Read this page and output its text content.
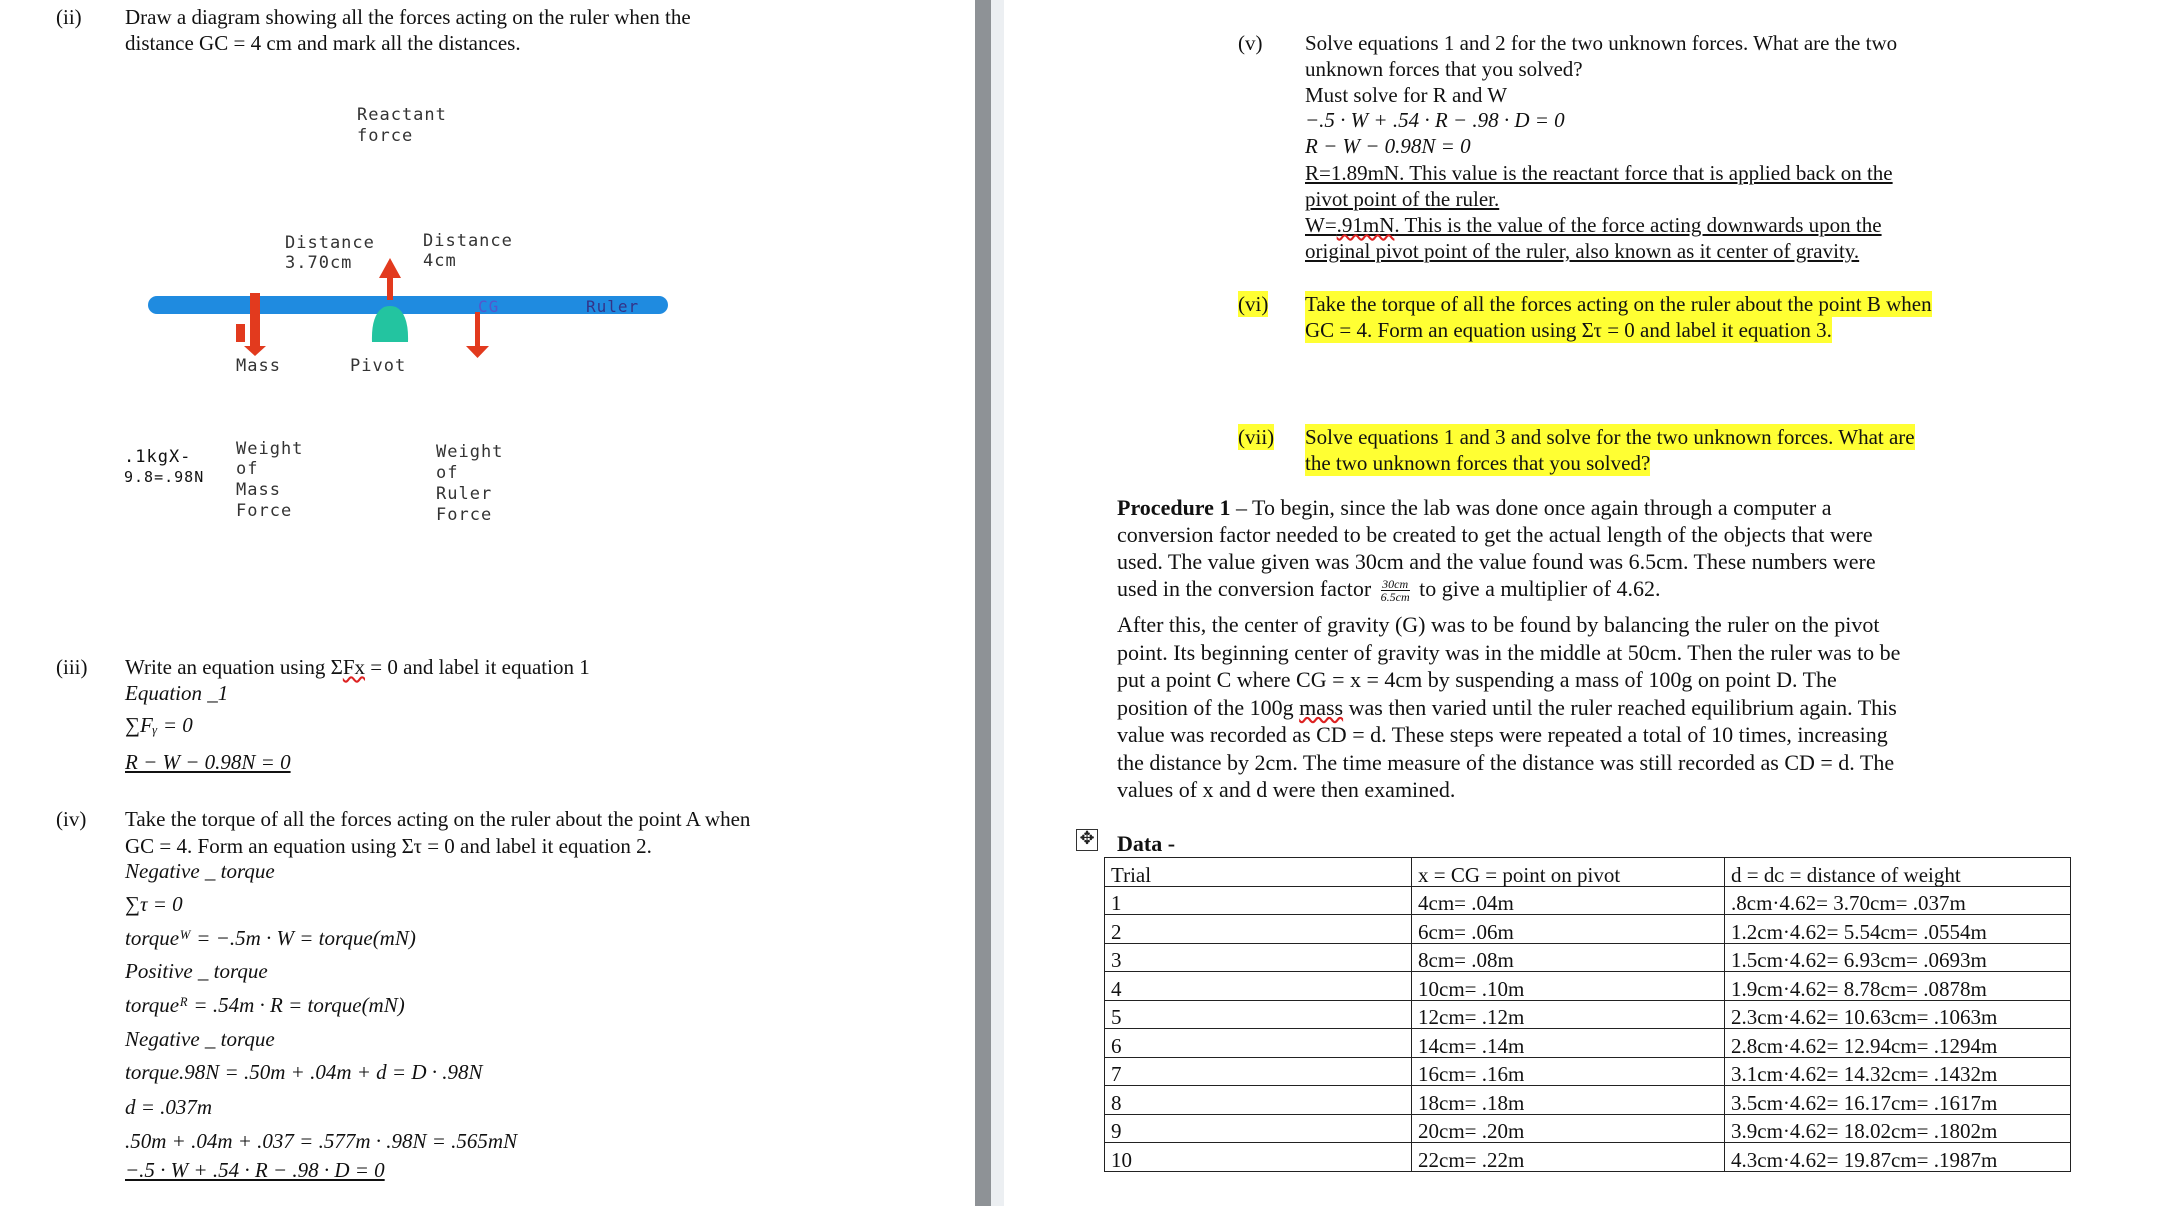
(ii) Draw a diagram showing all the forces acting on the ruler when the
distance GC = 4 cm and mark all the distances.
Reactant
force
Distance
3.70cm
Distance
4cm
CG	Ruler
Mass	Pivot
.1kgX-
9.8=.98N
Weight
of
Mass
Force
Weight
of
Ruler
Force
(iii) Write an equation using ΣFx = 0 and label it equation 1
Equation _1
∑Fᵧ = 0
R − W − 0.98N = 0
(iv) Take the torque of all the forces acting on the ruler about the point A when
GC = 4. Form an equation using Στ = 0 and label it equation 2.
Negative _ torque
∑τ = 0
torqueᵂ = −.5m · W = torque(mN)
Positive _ torque
torqueᴿ = .54m · R = torque(mN)
Negative _ torque
torque.98N = .50m + .04m + d = D · .98N
d = .037m
.50m + .04m + .037 = .577m · .98N = .565mN
−.5 · W + .54 · R − .98 · D = 0
(v) Solve equations 1 and 2 for the two unknown forces. What are the two
unknown forces that you solved?
Must solve for R and W
−.5 · W + .54 · R − .98 · D = 0
R − W − 0.98N = 0
R=1.89mN. This value is the reactant force that is applied back on the
pivot point of the ruler.
W=.91mN. This is the value of the force acting downwards upon the
original pivot point of the ruler, also known as it center of gravity.
(vi) Take the torque of all the forces acting on the ruler about the point B when
GC = 4. Form an equation using Στ = 0 and label it equation 3.
(vii) Solve equations 1 and 3 and solve for the two unknown forces. What are
the two unknown forces that you solved?
Procedure 1 – To begin, since the lab was done once again through a computer a
conversion factor needed to be created to get the actual length of the objects that were
used. The value given was 30cm and the value found was 6.5cm. These numbers were
used in the conversion factor $\frac{30cm}{6.5cm}$ to give a multiplier of 4.62.
After this, the center of gravity (G) was to be found by balancing the ruler on the pivot
point. Its beginning center of gravity was in the middle at 50cm. Then the ruler was to be
put a point C where CG = x = 4cm by suspending a mass of 100g on point D. The
position of the 100g mass was then varied until the ruler reached equilibrium again. This
value was recorded as CD = d. These steps were repeated a total of 10 times, increasing
the distance by 2cm. The time measure of the distance was still recorded as CD = d. The
values of x and d were then examined.
✥ Data -
Trial	x = CG = point on pivot	d = dᴄ = distance of weight
1	4cm= .04m	.8cm·4.62= 3.70cm= .037m
2	6cm= .06m	1.2cm·4.62= 5.54cm= .0554m
3	8cm= .08m	1.5cm·4.62= 6.93cm= .0693m
4	10cm= .10m	1.9cm·4.62= 8.78cm= .0878m
5	12cm= .12m	2.3cm·4.62= 10.63cm= .1063m
6	14cm= .14m	2.8cm·4.62= 12.94cm= .1294m
7	16cm= .16m	3.1cm·4.62= 14.32cm= .1432m
8	18cm= .18m	3.5cm·4.62= 16.17cm= .1617m
9	20cm= .20m	3.9cm·4.62= 18.02cm= .1802m
10	22cm= .22m	4.3cm·4.62= 19.87cm= .1987m
